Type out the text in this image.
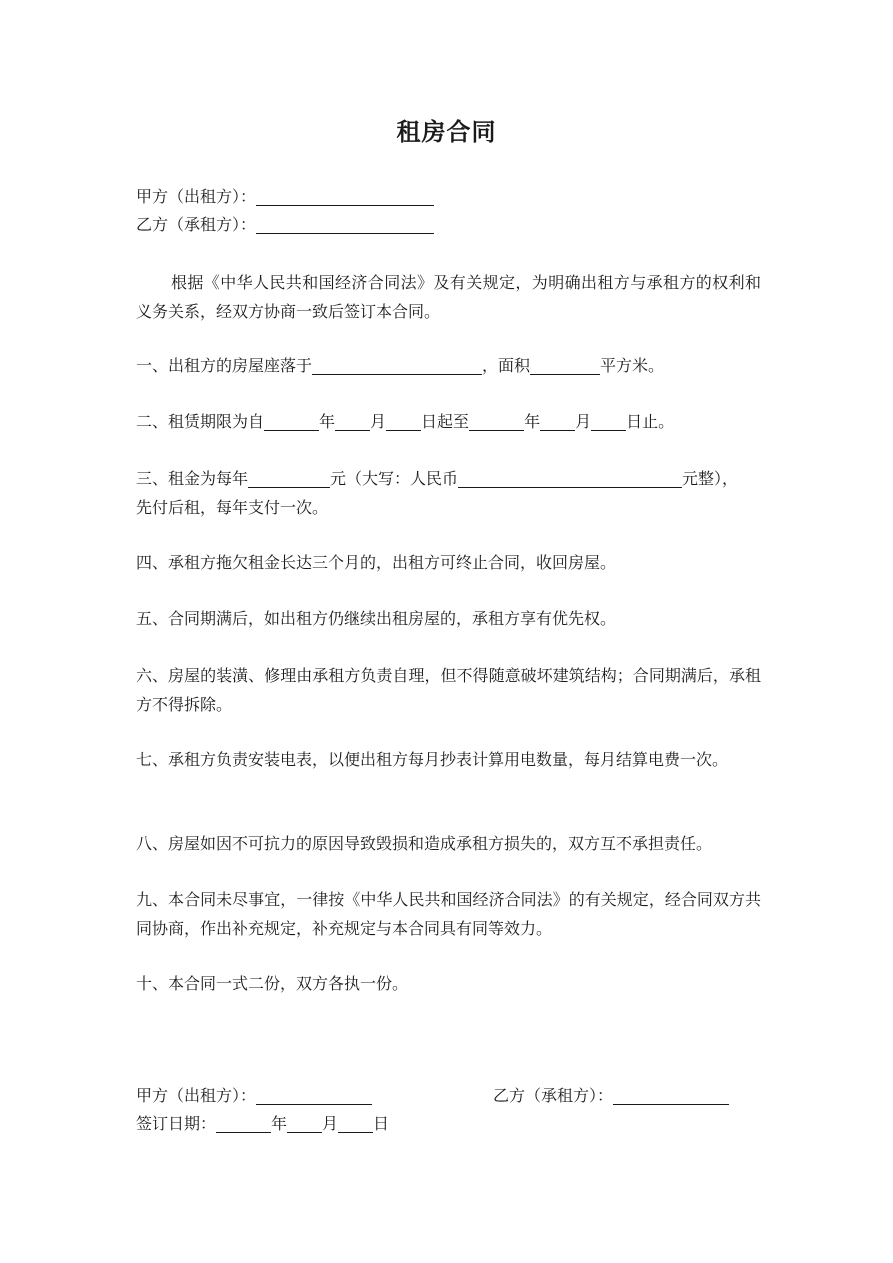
租房合同
甲方（出租方）：
乙方（承租方）：
根据《中华人民共和国经济合同法》及有关规定，为明确出租方与承租方的权利和义务关系，经双方协商一致后签订本合同。
一、出租方的房屋座落于	，面积	平方米。
二、租赁期限为自	年 月 日起至	年 月 日止。
三、租金为每年	元（大写：人民币	元整），
先付后租，每年支付一次。
四、承租方拖欠租金长达三个月的，出租方可终止合同，收回房屋。
五、合同期满后，如出租方仍继续出租房屋的，承租方享有优先权。
六、房屋的装潢、修理由承租方负责自理，但不得随意破坏建筑结构；合同期满后，承租方不得拆除。
七、承租方负责安装电表，以便出租方每月抄表计算用电数量，每月结算电费一次。
八、房屋如因不可抗力的原因导致毁损和造成承租方损失的，双方互不承担责任。
九、本合同未尽事宜，一律按《中华人民共和国经济合同法》的有关规定，经合同双方共同协商，作出补充规定，补充规定与本合同具有同等效力。
十、本合同一式二份，双方各执一份。
甲方（出租方）：	乙方（承租方）：
签订日期：	年 月 日
